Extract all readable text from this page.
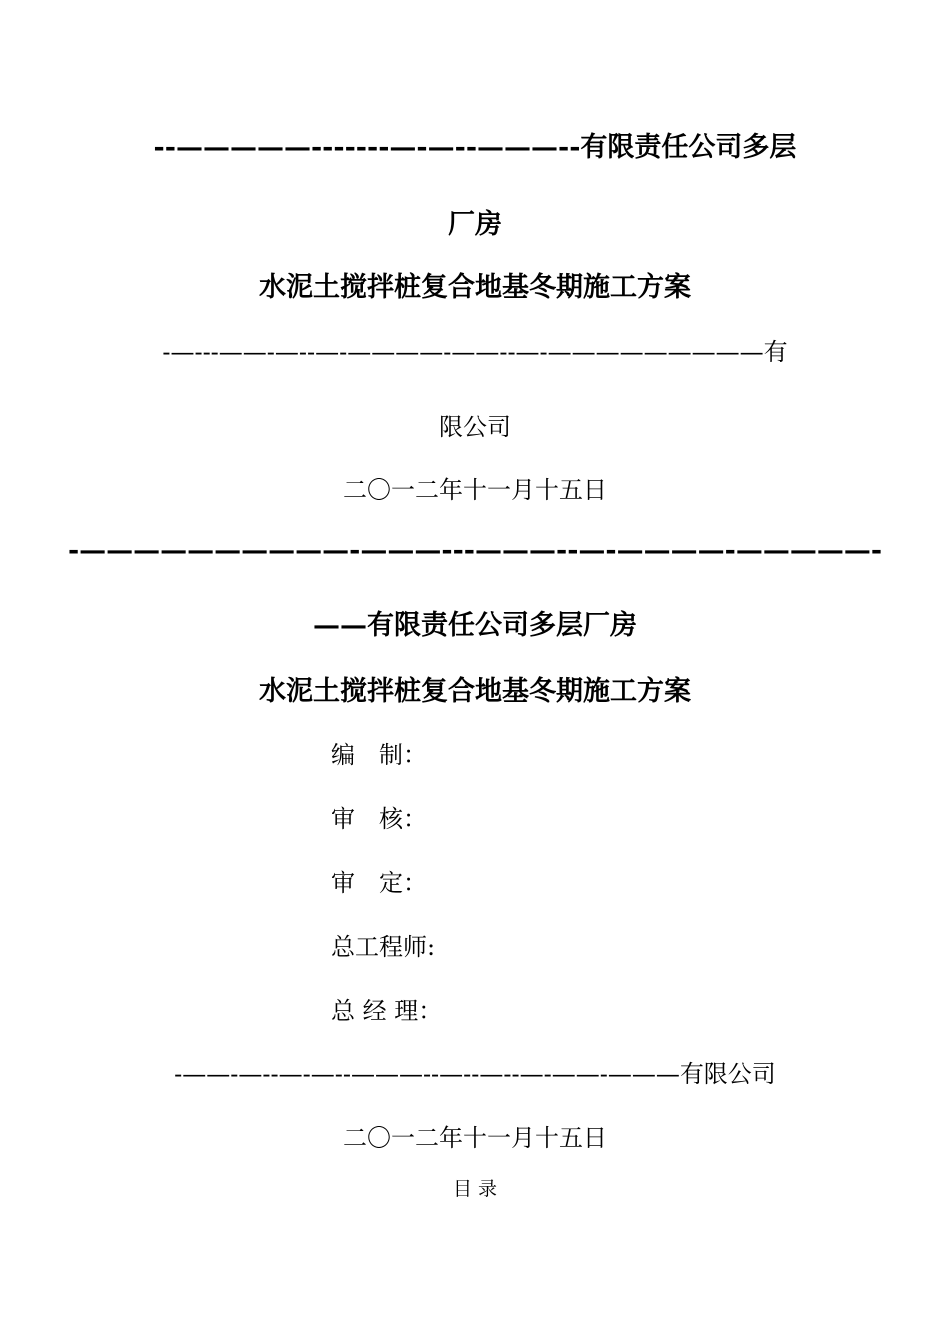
--—————-------—-—--———--有限责任公司多层
厂房
水泥土搅拌桩复合地基冬期施工方案
-—---——-—--—-————-——--—-—————————有
限公司
二〇一二年十一月十五日
-——————————-———---———--—-————-—————-
——有限责任公司多层厂房
水泥土搅拌桩复合地基冬期施工方案
编　制：
审　核：
审　定：
总工程师:
总 经 理：
-——-—--—-—--———--—--—--—-——-———有限公司
二〇一二年十一月十五日
目 录
